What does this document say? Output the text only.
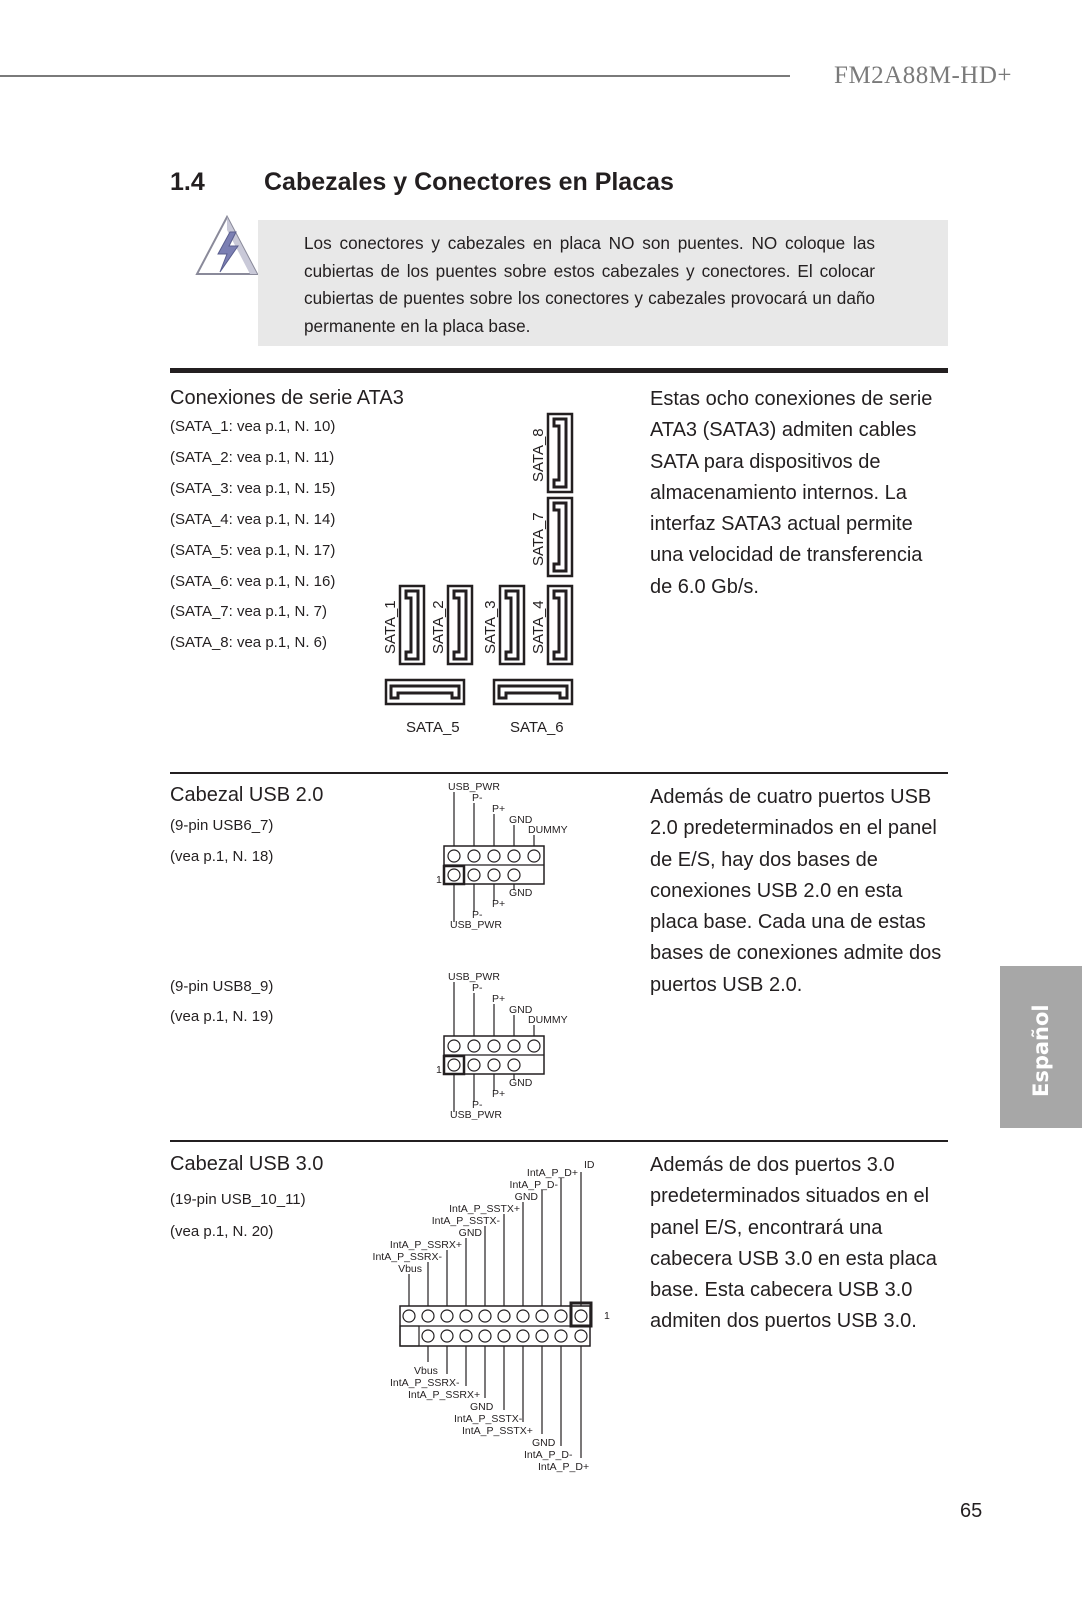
FM2A88M-HD+
1.4 Cabezales y Conectores en Placas
Los conectores y cabezales en placa NO son puentes. NO coloque las cubiertas de los puentes sobre estos cabezales y conectores. El colocar cubiertas de puentes sobre los conectores y cabezales provocará un daño permanente en la placa base.
Conexiones de serie ATA3
(SATA_1: vea p.1, N. 10)
(SATA_2: vea p.1, N. 11)
(SATA_3: vea p.1, N. 15)
(SATA_4: vea p.1, N. 14)
(SATA_5: vea p.1, N. 17)
(SATA_6: vea p.1, N. 16)
(SATA_7: vea p.1, N. 7)
(SATA_8: vea p.1, N. 6)
SATA_8
SATA_7
SATA_1 SATA_2 SATA_3 SATA_4
SATA_5	SATA_6
Estas ocho conexiones de serie ATA3 (SATA3) admiten cables SATA para dispositivos de almacenamiento internos. La interfaz SATA3 actual permite una velocidad de transferencia de 6.0 Gb/s.
Cabezal USB 2.0
(9-pin USB6_7)
(vea p.1, N. 18)
(9-pin USB8_9)
(vea p.1, N. 19)
USB_PWR
P-
P+
GND
DUMMY
1
GND
P+
P-
USB_PWR
USB_PWR
P-
P+
GND
DUMMY
1
GND
P+
P-
USB_PWR
Además de cuatro puertos USB 2.0 predeterminados en el panel de E/S, hay dos bases de conexiones USB 2.0 en esta placa base. Cada una de estas bases de conexiones admite dos puertos USB 2.0.
Cabezal USB 3.0
(19-pin USB_10_11)
(vea p.1, N. 20)
IntA_P_D+
IntA_P_D-
GND
IntA_P_SSTX+
IntA_P_SSTX-
GND
IntA_P_SSRX+
IntA_P_SSRX-
Vbus
ID
1
Vbus
IntA_P_SSRX-
IntA_P_SSRX+
GND
IntA_P_SSTX-
IntA_P_SSTX+
GND
IntA_P_D-
IntA_P_D+
Además de dos puertos 3.0 predeterminados situados en el panel E/S, encontrará una cabecera USB 3.0 en esta placa base. Esta cabecera USB 3.0 admiten dos puertos USB 3.0.
Español
65
